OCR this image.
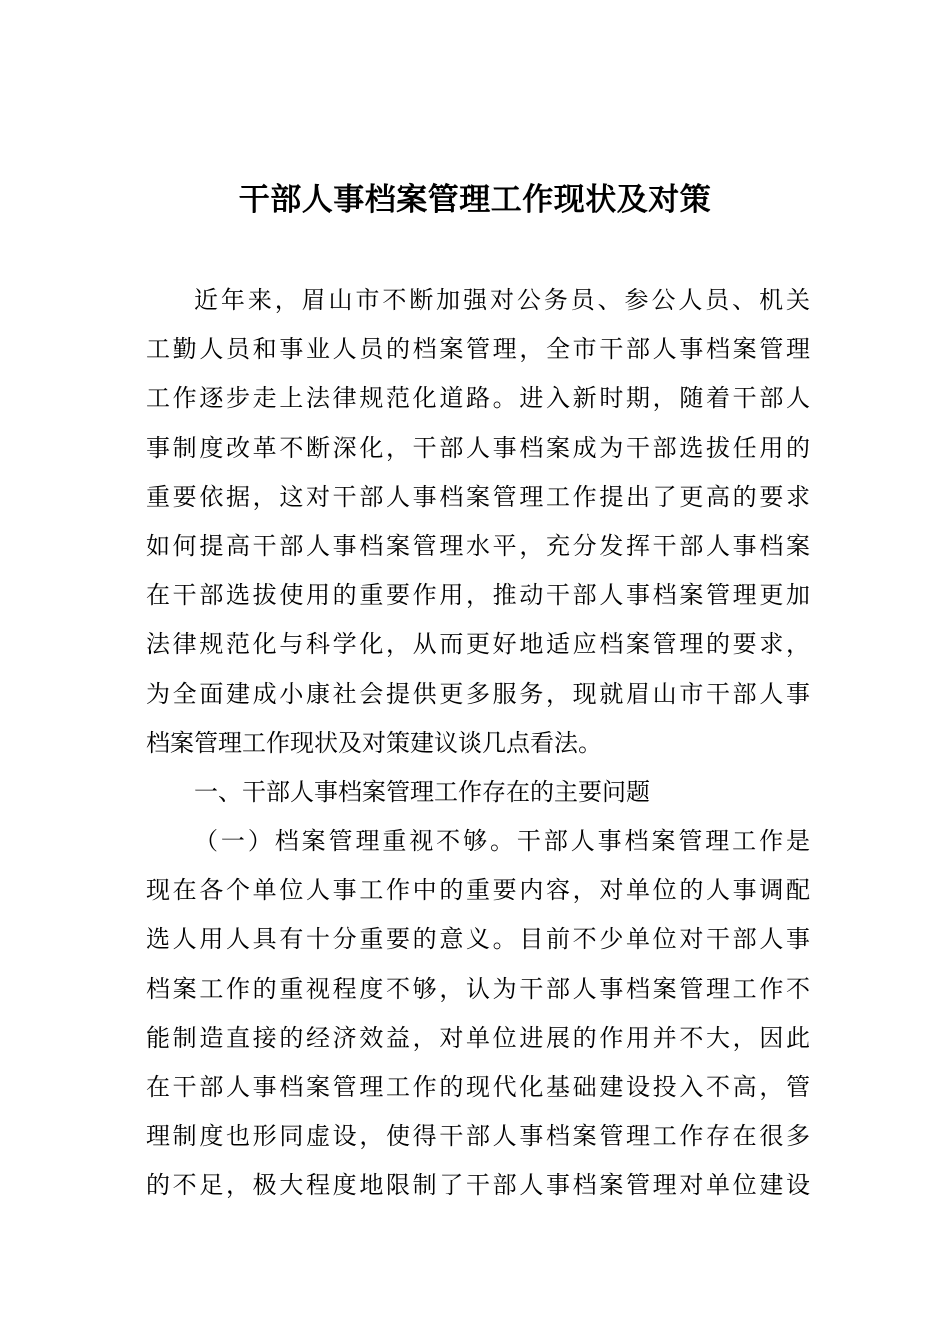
干部人事档案管理工作现状及对策
近年来，眉山市不断加强对公务员、参公人员、机关
工勤人员和事业人员的档案管理，全市干部人事档案管理
工作逐步走上法律规范化道路。进入新时期，随着干部人
事制度改革不断深化，干部人事档案成为干部选拔任用的
重要依据，这对干部人事档案管理工作提出了更高的要求
如何提高干部人事档案管理水平，充分发挥干部人事档案
在干部选拔使用的重要作用，推动干部人事档案管理更加
法律规范化与科学化，从而更好地适应档案管理的要求，
为全面建成小康社会提供更多服务，现就眉山市干部人事
档案管理工作现状及对策建议谈几点看法。
一、干部人事档案管理工作存在的主要问题
（一）档案管理重视不够。干部人事档案管理工作是
现在各个单位人事工作中的重要内容，对单位的人事调配
选人用人具有十分重要的意义。目前不少单位对干部人事
档案工作的重视程度不够，认为干部人事档案管理工作不
能制造直接的经济效益，对单位进展的作用并不大，因此
在干部人事档案管理工作的现代化基础建设投入不高，管
理制度也形同虚设，使得干部人事档案管理工作存在很多
的不足，极大程度地限制了干部人事档案管理对单位建设
